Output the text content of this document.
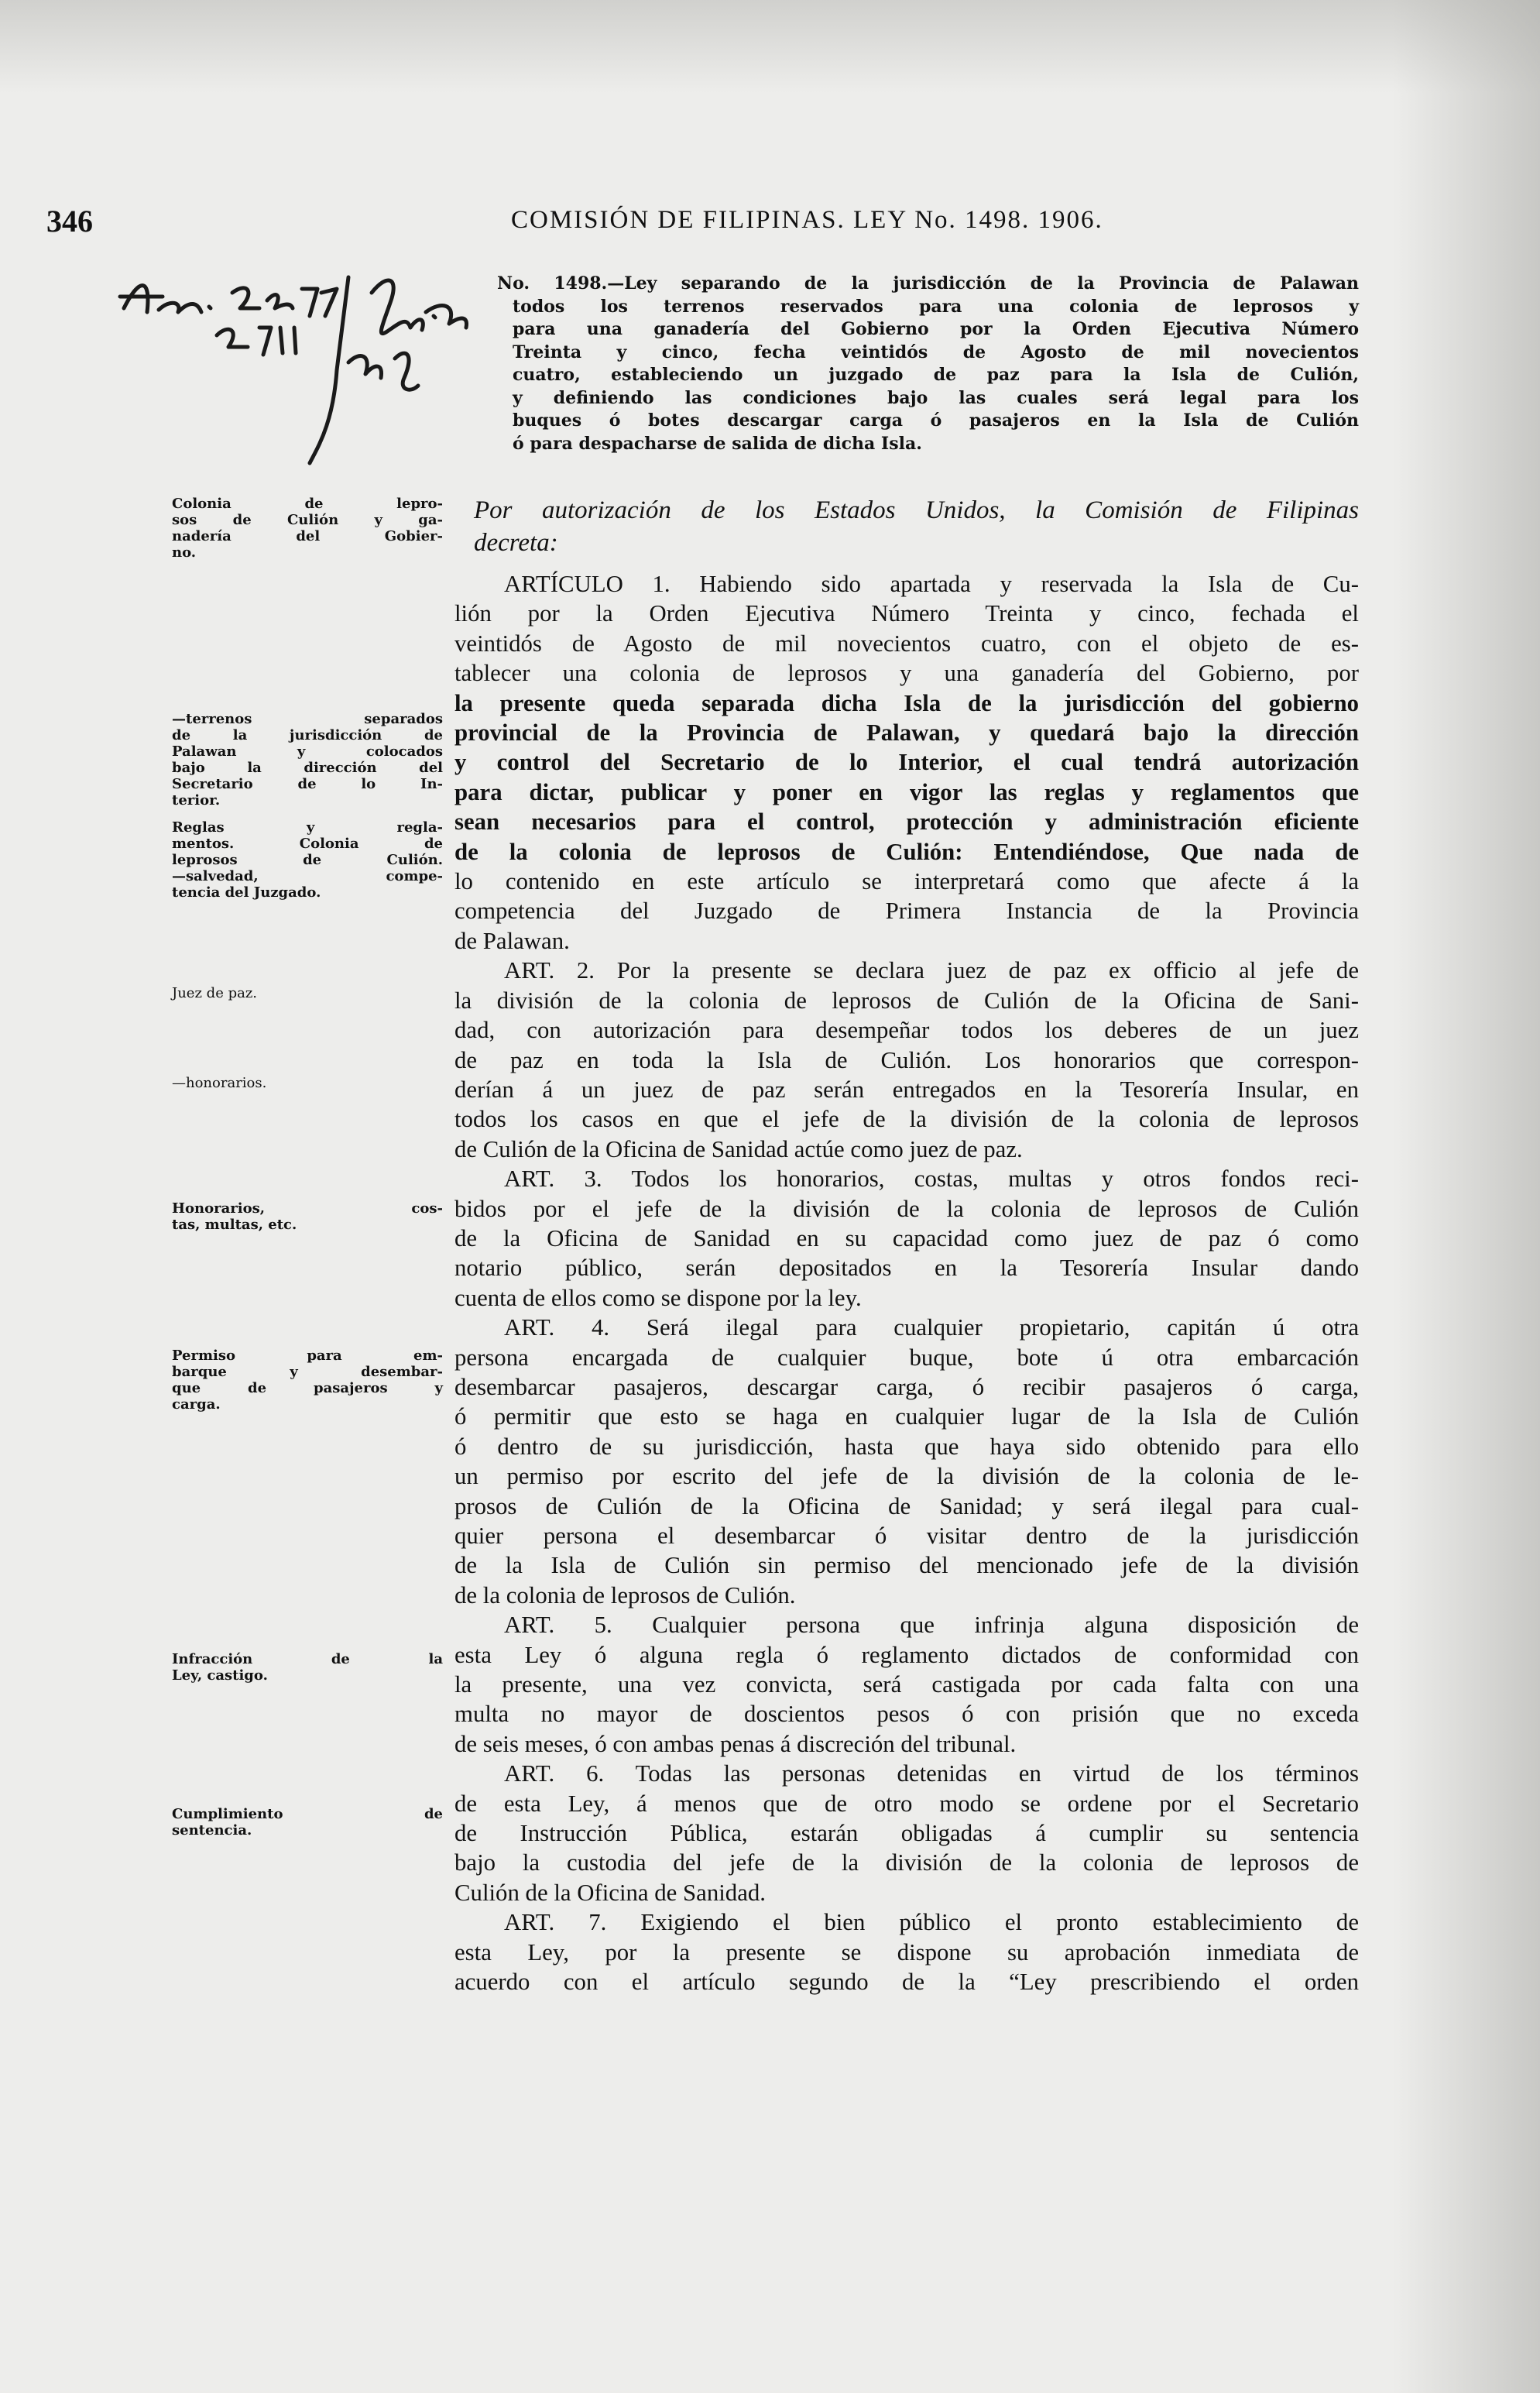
346	COMISIÓN DE FILIPINAS. LEY No. 1498. 1906.
No. 1498.—Ley separando de la jurisdicción de la Provincia de Palawan
todos los terrenos reservados para una colonia de leprosos y
para una ganadería del Gobierno por la Orden Ejecutiva Número
Treinta y cinco, fecha veintidós de Agosto de mil novecientos
cuatro, estableciendo un juzgado de paz para la Isla de Culión,
y definiendo las condiciones bajo las cuales será legal para los
buques ó botes descargar carga ó pasajeros en la Isla de Culión
ó para despacharse de salida de dicha Isla.
Por autorización de los Estados Unidos, la Comisión de Filipinas
decreta:
ARTÍCULO 1. Habiendo sido apartada y reservada la Isla de Cu-
lión por la Orden Ejecutiva Número Treinta y cinco, fechada el
veintidós de Agosto de mil novecientos cuatro, con el objeto de es-
tablecer una colonia de leprosos y una ganadería del Gobierno, por
la presente queda separada dicha Isla de la jurisdicción del gobierno
provincial de la Provincia de Palawan, y quedará bajo la dirección
y control del Secretario de lo Interior, el cual tendrá autorización
para dictar, publicar y poner en vigor las reglas y reglamentos que
sean necesarios para el control, protección y administración eficiente
de la colonia de leprosos de Culión: Entendiéndose, Que nada de
lo contenido en este artículo se interpretará como que afecte á la
competencia del Juzgado de Primera Instancia de la Provincia
de Palawan.
ART. 2. Por la presente se declara juez de paz ex officio al jefe de
la división de la colonia de leprosos de Culión de la Oficina de Sani-
dad, con autorización para desempeñar todos los deberes de un juez
de paz en toda la Isla de Culión. Los honorarios que correspon-
derían á un juez de paz serán entregados en la Tesorería Insular, en
todos los casos en que el jefe de la división de la colonia de leprosos
de Culión de la Oficina de Sanidad actúe como juez de paz.
ART. 3. Todos los honorarios, costas, multas y otros fondos reci-
bidos por el jefe de la división de la colonia de leprosos de Culión
de la Oficina de Sanidad en su capacidad como juez de paz ó como
notario público, serán depositados en la Tesorería Insular dando
cuenta de ellos como se dispone por la ley.
ART. 4. Será ilegal para cualquier propietario, capitán ú otra
persona encargada de cualquier buque, bote ú otra embarcación
desembarcar pasajeros, descargar carga, ó recibir pasajeros ó carga,
ó permitir que esto se haga en cualquier lugar de la Isla de Culión
ó dentro de su jurisdicción, hasta que haya sido obtenido para ello
un permiso por escrito del jefe de la división de la colonia de le-
prosos de Culión de la Oficina de Sanidad; y será ilegal para cual-
quier persona el desembarcar ó visitar dentro de la jurisdicción
de la Isla de Culión sin permiso del mencionado jefe de la división
de la colonia de leprosos de Culión.
ART. 5. Cualquier persona que infrinja alguna disposición de
esta Ley ó alguna regla ó reglamento dictados de conformidad con
la presente, una vez convicta, será castigada por cada falta con una
multa no mayor de doscientos pesos ó con prisión que no exceda
de seis meses, ó con ambas penas á discreción del tribunal.
ART. 6. Todas las personas detenidas en virtud de los términos
de esta Ley, á menos que de otro modo se ordene por el Secretario
de Instrucción Pública, estarán obligadas á cumplir su sentencia
bajo la custodia del jefe de la división de la colonia de leprosos de
Culión de la Oficina de Sanidad.
ART. 7. Exigiendo el bien público el pronto establecimiento de
esta Ley, por la presente se dispone su aprobación inmediata de
acuerdo con el artículo segundo de la “Ley prescribiendo el orden
Colonia de lepro-
sos de Culión y ga-
nadería del Gobier-
no.
—terrenos separados
de la jurisdicción de
Palawan y colocados
bajo la dirección del
Secretario de lo In-
terior.
Reglas y regla-
mentos. Colonia de
leprosos de Culión.
—salvedad, compe-
tencia del Juzgado.
Juez de paz.
—honorarios.
Honorarios, cos-
tas, multas, etc.
Permiso para em-
barque y desembar-
que de pasajeros y
carga.
Infracción de la
Ley, castigo.
Cumplimiento de
sentencia.
